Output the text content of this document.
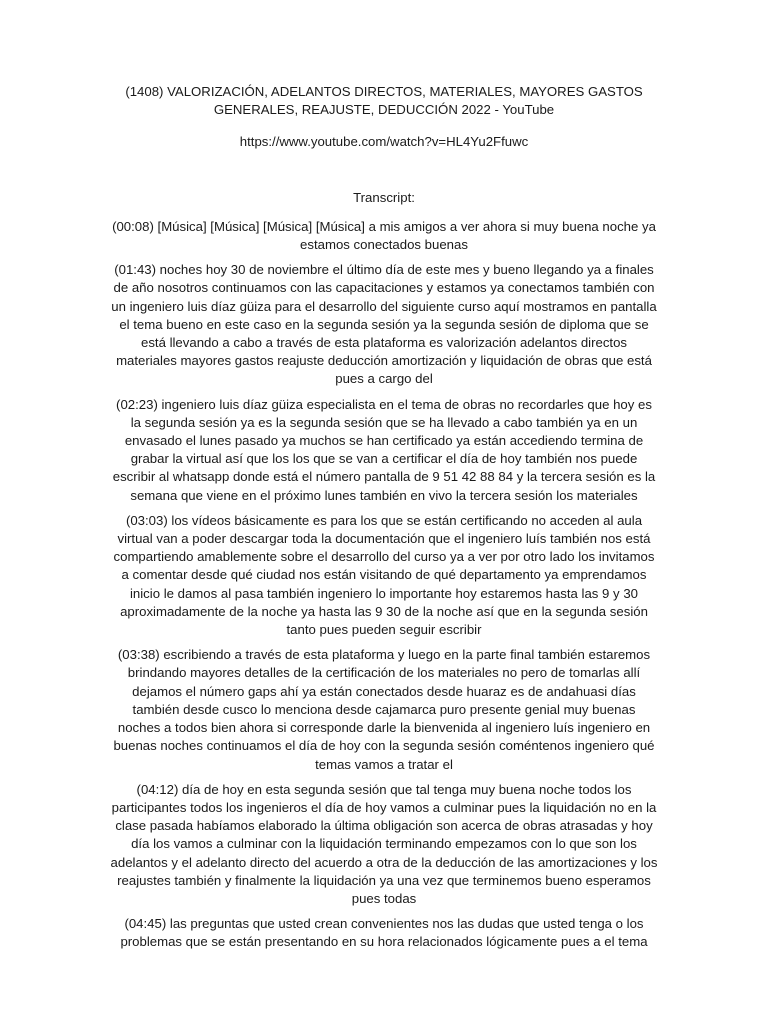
(1408) VALORIZACIÓN, ADELANTOS DIRECTOS, MATERIALES, MAYORES GASTOS GENERALES, REAJUSTE, DEDUCCIÓN 2022 - YouTube

https://www.youtube.com/watch?v=HL4Yu2Ffuwc

Transcript:

(00:08) [Música] [Música] [Música] [Música] a mis amigos a ver ahora si muy buena noche ya estamos conectados buenas

(01:43) noches hoy 30 de noviembre el último día de este mes y bueno llegando ya a finales de año nosotros continuamos con las capacitaciones y estamos ya conectamos también con un ingeniero luis díaz güiza para el desarrollo del siguiente curso aquí mostramos en pantalla el tema bueno en este caso en la segunda sesión ya la segunda sesión de diploma que se está llevando a cabo a través de esta plataforma es valorización adelantos directos materiales mayores gastos reajuste deducción amortización y liquidación de obras que está pues a cargo del

(02:23) ingeniero luis díaz güiza especialista en el tema de obras no recordarles que hoy es la segunda sesión ya es la segunda sesión que se ha llevado a cabo también ya en un envasado el lunes pasado ya muchos se han certificado ya están accediendo termina de grabar la virtual así que los los que se van a certificar el día de hoy también nos puede escribir al whatsapp donde está el número pantalla de 9 51 42 88 84 y la tercera sesión es la semana que viene en el próximo lunes también en vivo la tercera sesión los materiales

(03:03) los vídeos básicamente es para los que se están certificando no acceden al aula virtual van a poder descargar toda la documentación que el ingeniero luís también nos está compartiendo amablemente sobre el desarrollo del curso ya a ver por otro lado los invitamos a comentar desde qué ciudad nos están visitando de qué departamento ya emprendamos inicio le damos al pasa también ingeniero lo importante hoy estaremos hasta las 9 y 30 aproximadamente de la noche ya hasta las 9 30 de la noche así que en la segunda sesión tanto pues pueden seguir escribir

(03:38) escribiendo a través de esta plataforma y luego en la parte final también estaremos brindando mayores detalles de la certificación de los materiales no pero de tomarlas allí dejamos el número gaps ahí ya están conectados desde huaraz es de andahuasi días también desde cusco lo menciona desde cajamarca puro presente genial muy buenas noches a todos bien ahora si corresponde darle la bienvenida al ingeniero luís ingeniero en buenas noches continuamos el día de hoy con la segunda sesión coméntenos ingeniero qué temas vamos a tratar el

(04:12) día de hoy en esta segunda sesión que tal tenga muy buena noche todos los participantes todos los ingenieros el día de hoy vamos a culminar pues la liquidación no en la clase pasada habíamos elaborado la última obligación son acerca de obras atrasadas y hoy día los vamos a culminar con la liquidación terminando empezamos con lo que son los adelantos y el adelanto directo del acuerdo a otra de la deducción de las amortizaciones y los reajustes también y finalmente la liquidación ya una vez que terminemos bueno esperamos pues todas

(04:45) las preguntas que usted crean convenientes nos las dudas que usted tenga o los problemas que se están presentando en su hora relacionados lógicamente pues a el tema
